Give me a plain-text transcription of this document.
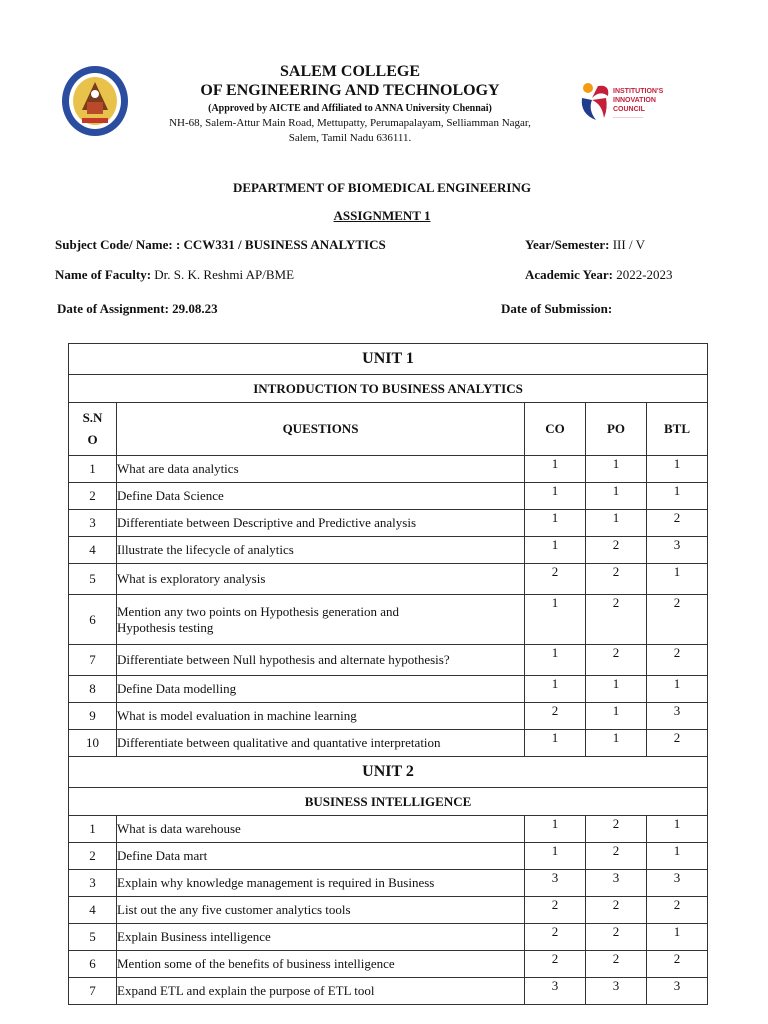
INSTITUTION'S INNOVATION COUNCIL
~~~~~~~~~~~~~
SALEM COLLEGE
OF ENGINEERING AND TECHNOLOGY
(Approved by AICTE and Affiliated to ANNA University Chennai)
NH-68, Salem-Attur Main Road, Mettupatty, Perumapalayam, Selliamman Nagar,
Salem, Tamil Nadu 636111.
DEPARTMENT OF BIOMEDICAL ENGINEERING
ASSIGNMENT 1
Subject Code/ Name: : CCW331 / BUSINESS ANALYTICS	Year/Semester: III / V
Name of Faculty: Dr. S. K. Reshmi AP/BME	Academic Year: 2022-2023
Date of Assignment: 29.08.23	Date of Submission:
UNIT 1				
INTRODUCTION TO BUSINESS ANALYTICS				
S.N
O	QUESTIONS	CO	PO	BTL
1	What are data analytics	1	1	1
2	Define Data Science	1	1	1
3	Differentiate between Descriptive and Predictive analysis	1	1	2
4	Illustrate the lifecycle of analytics	1	2	3
5	What is exploratory analysis	2	2	1
6	Mention any two points on Hypothesis generation and
Hypothesis testing	1	2	2
7	Differentiate between Null hypothesis and alternate hypothesis?	1	2	2
8	Define Data modelling	1	1	1
9	What is model evaluation in machine learning	2	1	3
10	Differentiate between qualitative and quantative interpretation	1	1	2
UNIT 2				
BUSINESS INTELLIGENCE				
1	What is data warehouse	1	2	1
2	Define Data mart	1	2	1
3	Explain why knowledge management is required in Business	3	3	3
4	List out the any five customer analytics tools	2	2	2
5	Explain Business intelligence	2	2	1
6	Mention some of the benefits of business intelligence	2	2	2
7	Expand ETL and explain the purpose of ETL tool	3	3	3
